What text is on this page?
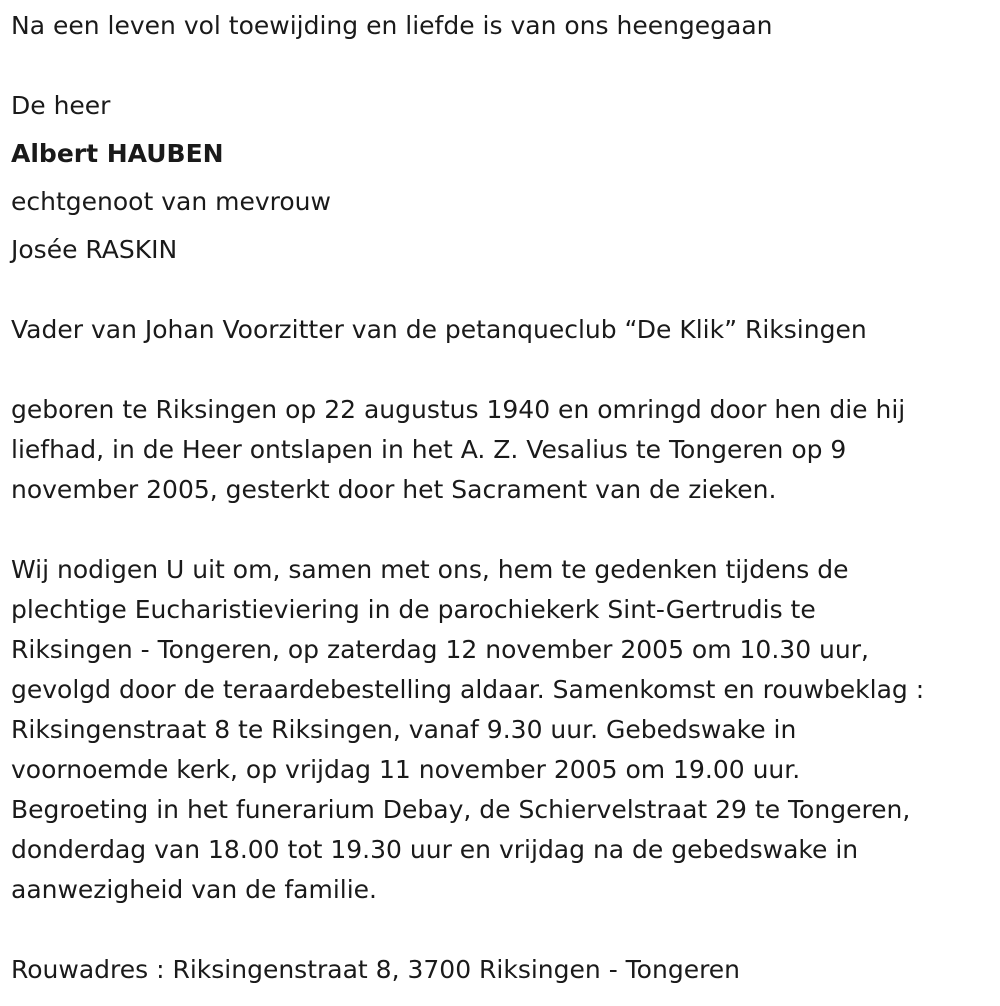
Na een leven vol toewijding en liefde is van ons heengegaan

De heer

Albert HAUBEN

echtgenoot van mevrouw

Josée RASKIN

Vader van Johan Voorzitter van de petanqueclub “De Klik” Riksingen

geboren te Riksingen op 22 augustus 1940 en omringd door hen die hij
liefhad, in de Heer ontslapen in het A. Z. Vesalius te Tongeren op 9
november 2005, gesterkt door het Sacrament van de zieken.
Wij nodigen U uit om, samen met ons, hem te gedenken tijdens de
plechtige Eucharistieviering in de parochiekerk Sint-Gertrudis te
Riksingen - Tongeren, op zaterdag 12 november 2005 om 10.30 uur,
gevolgd door de teraardebestelling aldaar. Samenkomst en rouwbeklag :
Riksingenstraat 8 te Riksingen, vanaf 9.30 uur. Gebedswake in
voornoemde kerk, op vrijdag 11 november 2005 om 19.00 uur.
Begroeting in het funerarium Debay, de Schiervelstraat 29 te Tongeren,
donderdag van 18.00 tot 19.30 uur en vrijdag na de gebedswake in
aanwezigheid van de familie.

Rouwadres : Riksingenstraat 8, 3700 Riksingen - Tongeren
